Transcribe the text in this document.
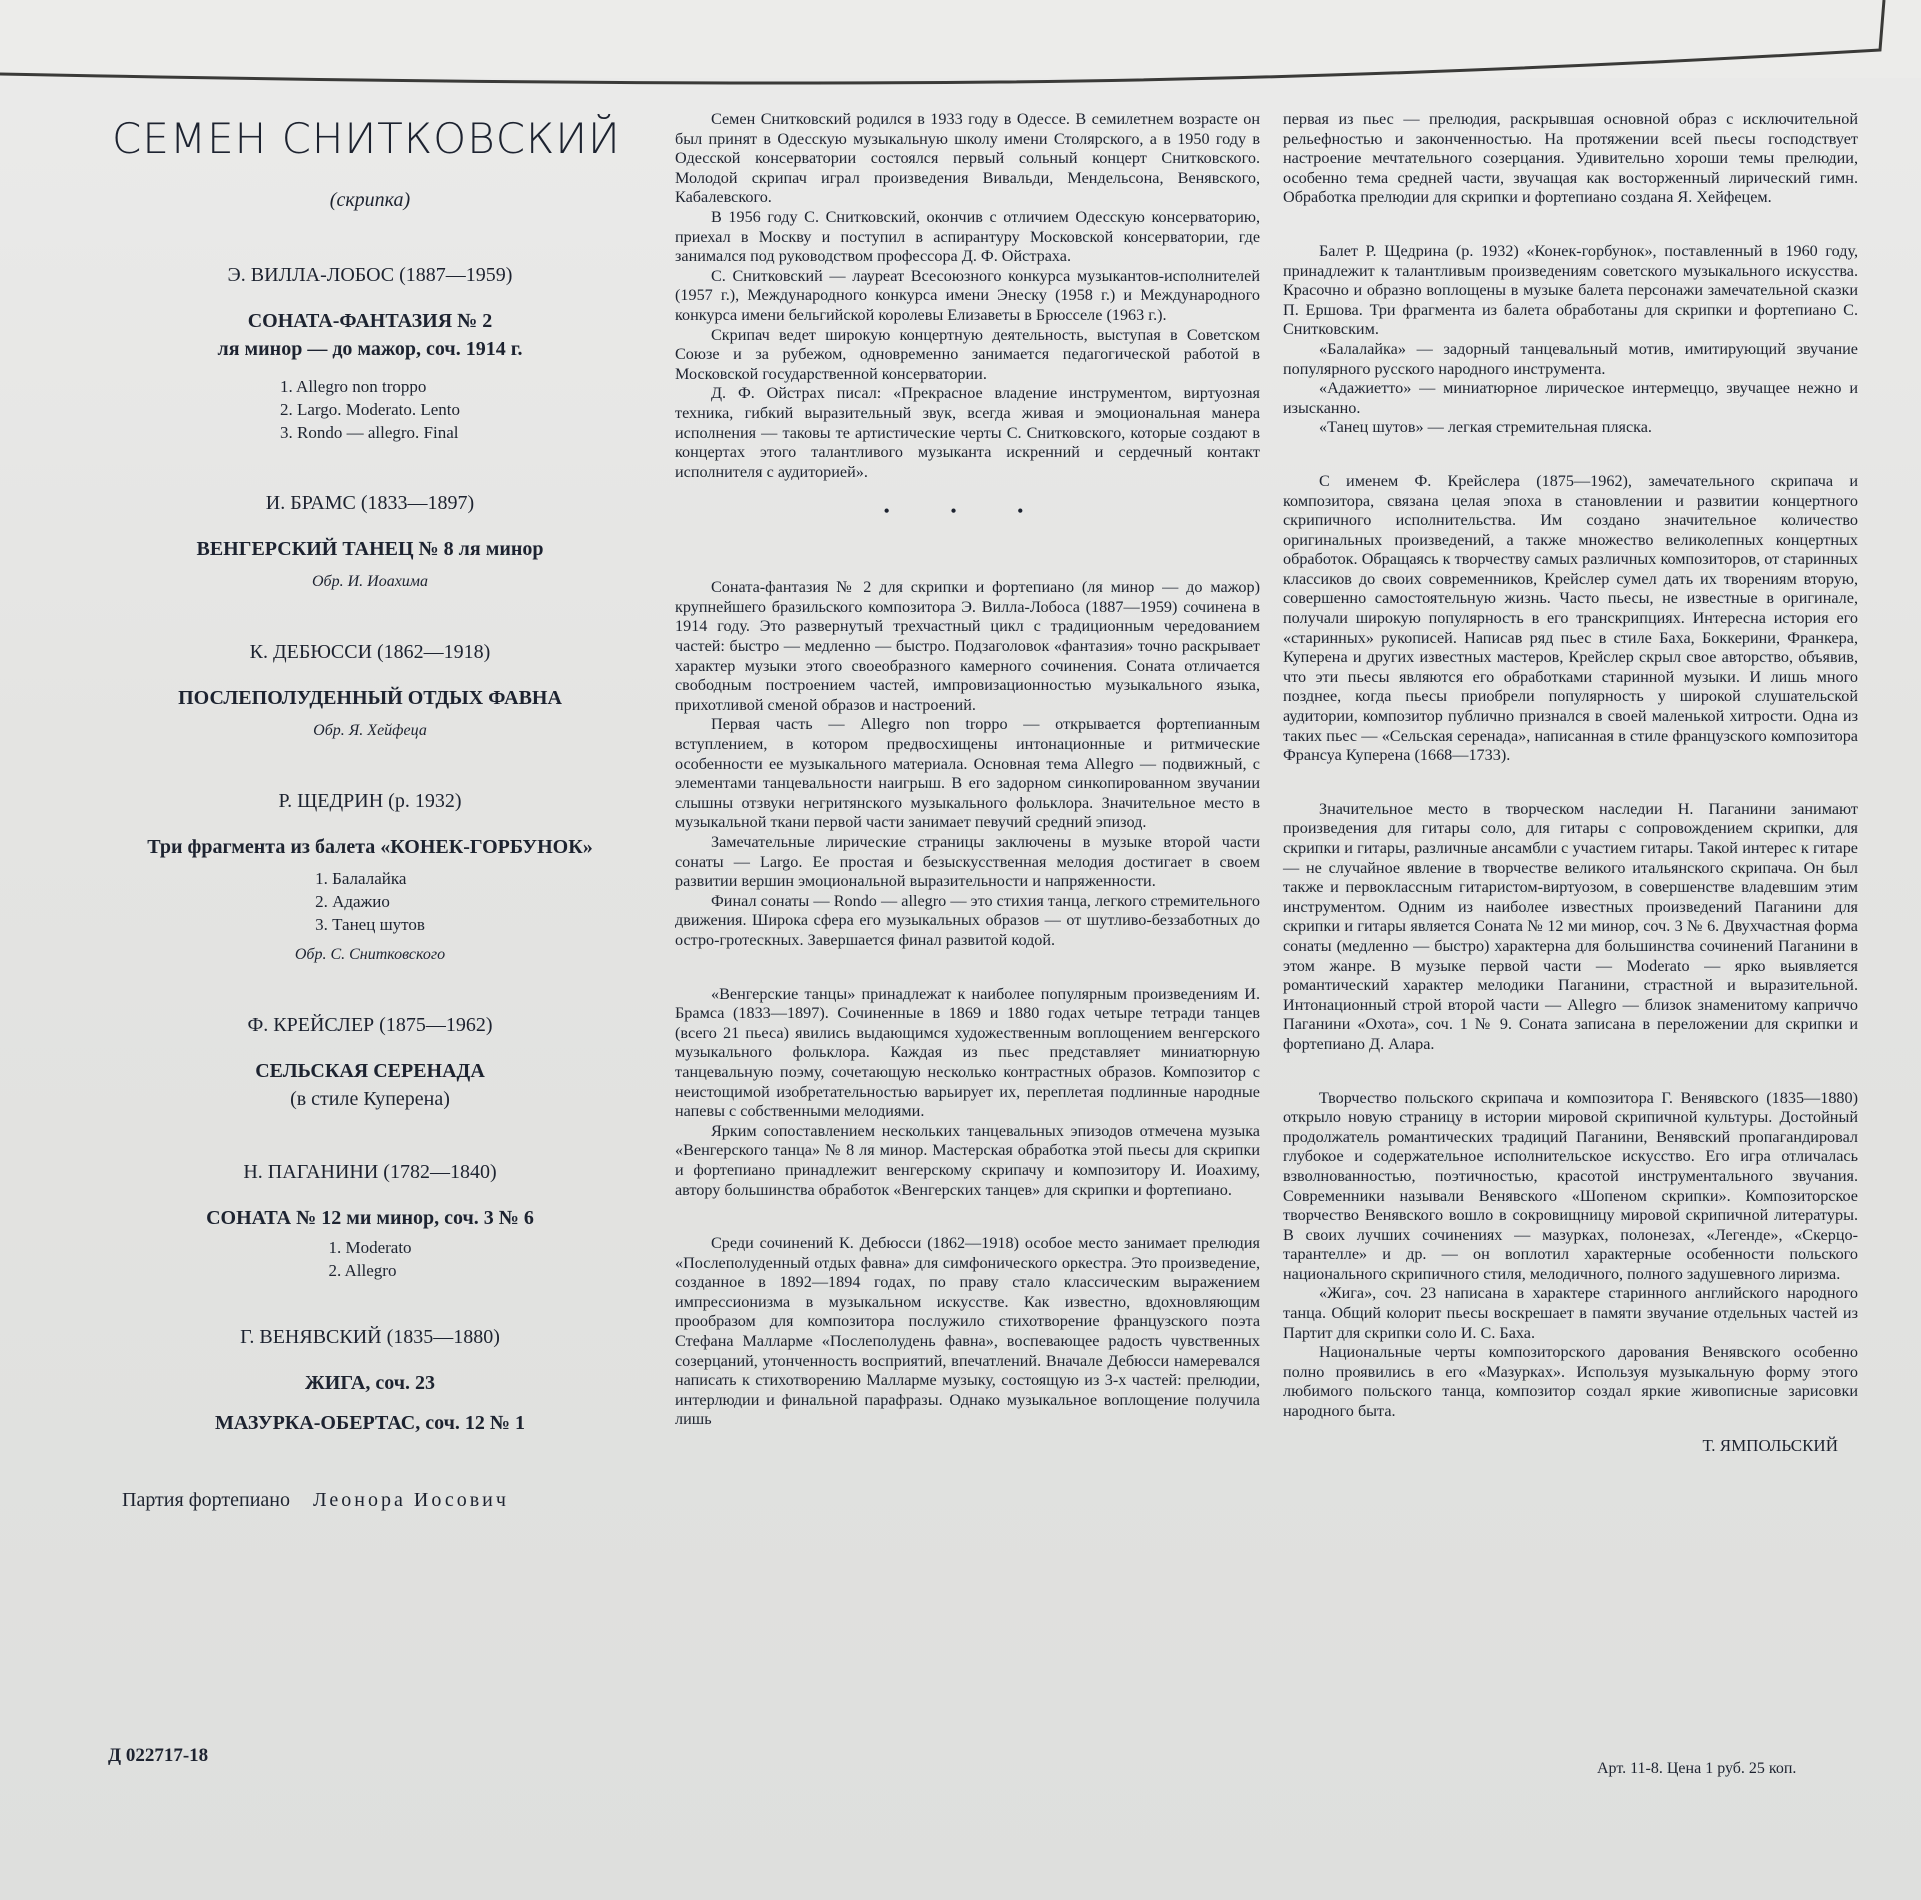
СЕМЕН СНИТКОВСКИЙ
(скрипка)
Э. ВИЛЛА-ЛОБОС (1887—1959)
СОНАТА-ФАНТАЗИЯ № 2
ля минор — до мажор, соч. 1914 г.
1. Allegro non troppo
2. Largo. Moderato. Lento
3. Rondo — allegro. Final
И. БРАМС (1833—1897)
ВЕНГЕРСКИЙ ТАНЕЦ № 8 ля минор
Обр. И. Иоахима
К. ДЕБЮССИ (1862—1918)
ПОСЛЕПОЛУДЕННЫЙ ОТДЫХ ФАВНА
Обр. Я. Хейфеца
Р. ЩЕДРИН (р. 1932)
Три фрагмента из балета «КОНЕК-ГОРБУНОК»
1. Балалайка
2. Адажио
3. Танец шутов
Обр. С. Снитковского
Ф. КРЕЙСЛЕР (1875—1962)
СЕЛЬСКАЯ СЕРЕНАДА
(в стиле Куперена)
Н. ПАГАНИНИ (1782—1840)
СОНАТА № 12 ми минор, соч. 3 № 6
1. Moderato
2. Allegro
Г. ВЕНЯВСКИЙ (1835—1880)
ЖИГА, соч. 23
МАЗУРКА-ОБЕРТАС, соч. 12 № 1
Партия фортепиано Леонора Иосович
Д 022717-18

Семен Снитковский родился в 1933 году в Одессе. В семилетнем возрасте он был принят в Одесскую музыкальную школу имени Столярского, а в 1950 году в Одесской консерватории состоялся первый сольный концерт Снитковского. Молодой скрипач играл произведения Вивальди, Мендельсона, Венявского, Кабалевского.

В 1956 году С. Снитковский, окончив с отличием Одесскую консерваторию, приехал в Москву и поступил в аспирантуру Московской консерватории, где занимался под руководством профессора Д. Ф. Ойстраха.

С. Снитковский — лауреат Всесоюзного конкурса музыкантов-исполнителей (1957 г.), Международного конкурса имени Энеску (1958 г.) и Международного конкурса имени бельгийской королевы Елизаветы в Брюсселе (1963 г.).

Скрипач ведет широкую концертную деятельность, выступая в Советском Союзе и за рубежом, одновременно занимается педагогической работой в Московской государственной консерватории.

Д. Ф. Ойстрах писал: «Прекрасное владение инструментом, виртуозная техника, гибкий выразительный звук, всегда живая и эмоциональная манера исполнения — таковы те артистические черты С. Снитковского, которые создают в концертах этого талантливого музыканта искренний и сердечный контакт исполнителя с аудиторией».

• • •

Соната-фантазия № 2 для скрипки и фортепиано (ля минор — до мажор) крупнейшего бразильского композитора Э. Вилла-Лобоса (1887—1959) сочинена в 1914 году. Это развернутый трехчастный цикл с традиционным чередованием частей: быстро — медленно — быстро. Подзаголовок «фантазия» точно раскрывает характер музыки этого своеобразного камерного сочинения. Соната отличается свободным построением частей, импровизационностью музыкального языка, прихотливой сменой образов и настроений.

Первая часть — Allegro non troppo — открывается фортепианным вступлением, в котором предвосхищены интонационные и ритмические особенности ее музыкального материала. Основная тема Allegro — подвижный, с элементами танцевальности наигрыш. В его задорном синкопированном звучании слышны отзвуки негритянского музыкального фольклора. Значительное место в музыкальной ткани первой части занимает певучий средний эпизод.

Замечательные лирические страницы заключены в музыке второй части сонаты — Largo. Ее простая и безыскусственная мелодия достигает в своем развитии вершин эмоциональной выразительности и напряженности.

Финал сонаты — Rondo — allegro — это стихия танца, легкого стремительного движения. Широка сфера его музыкальных образов — от шутливо-беззаботных до остро-гротескных. Завершается финал развитой кодой.

«Венгерские танцы» принадлежат к наиболее популярным произведениям И. Брамса (1833—1897). Сочиненные в 1869 и 1880 годах четыре тетради танцев (всего 21 пьеса) явились выдающимся художественным воплощением венгерского музыкального фольклора. Каждая из пьес представляет миниатюрную танцевальную поэму, сочетающую несколько контрастных образов. Композитор с неистощимой изобретательностью варьирует их, переплетая подлинные народные напевы с собственными мелодиями.

Ярким сопоставлением нескольких танцевальных эпизодов отмечена музыка «Венгерского танца» № 8 ля минор. Мастерская обработка этой пьесы для скрипки и фортепиано принадлежит венгерскому скрипачу и композитору И. Иоахиму, автору большинства обработок «Венгерских танцев» для скрипки и фортепиано.

Среди сочинений К. Дебюсси (1862—1918) особое место занимает прелюдия «Послеполуденный отдых фавна» для симфонического оркестра. Это произведение, созданное в 1892—1894 годах, по праву стало классическим выражением импрессионизма в музыкальном искусстве. Как известно, вдохновляющим прообразом для композитора послужило стихотворение французского поэта Стефана Малларме «Послеполудень фавна», воспевающее радость чувственных созерцаний, утонченность восприятий, впечатлений. Вначале Дебюсси намеревался написать к стихотворению Малларме музыку, состоящую из 3-х частей: прелюдии, интерлюдии и финальной парафразы. Однако музыкальное воплощение получила лишь

первая из пьес — прелюдия, раскрывшая основной образ с исключительной рельефностью и законченностью. На протяжении всей пьесы господствует настроение мечтательного созерцания. Удивительно хороши темы прелюдии, особенно тема средней части, звучащая как восторженный лирический гимн. Обработка прелюдии для скрипки и фортепиано создана Я. Хейфецем.

Балет Р. Щедрина (р. 1932) «Конек-горбунок», поставленный в 1960 году, принадлежит к талантливым произведениям советского музыкального искусства. Красочно и образно воплощены в музыке балета персонажи замечательной сказки П. Ершова. Три фрагмента из балета обработаны для скрипки и фортепиано С. Снитковским.

«Балалайка» — задорный танцевальный мотив, имитирующий звучание популярного русского народного инструмента.

«Адажиетто» — миниатюрное лирическое интермеццо, звучащее нежно и изысканно.

«Танец шутов» — легкая стремительная пляска.

С именем Ф. Крейслера (1875—1962), замечательного скрипача и композитора, связана целая эпоха в становлении и развитии концертного скрипичного исполнительства. Им создано значительное количество оригинальных произведений, а также множество великолепных концертных обработок. Обращаясь к творчеству самых различных композиторов, от старинных классиков до своих современников, Крейслер сумел дать их творениям вторую, совершенно самостоятельную жизнь. Часто пьесы, не известные в оригинале, получали широкую популярность в его транскрипциях. Интересна история его «старинных» рукописей. Написав ряд пьес в стиле Баха, Боккерини, Франкера, Куперена и других известных мастеров, Крейслер скрыл свое авторство, объявив, что эти пьесы являются его обработками старинной музыки. И лишь много позднее, когда пьесы приобрели популярность у широкой слушательской аудитории, композитор публично признался в своей маленькой хитрости. Одна из таких пьес — «Сельская серенада», написанная в стиле французского композитора Франсуа Куперена (1668—1733).

Значительное место в творческом наследии Н. Паганини занимают произведения для гитары соло, для гитары с сопровождением скрипки, для скрипки и гитары, различные ансамбли с участием гитары. Такой интерес к гитаре — не случайное явление в творчестве великого итальянского скрипача. Он был также и первоклассным гитаристом-виртуозом, в совершенстве владевшим этим инструментом. Одним из наиболее известных произведений Паганини для скрипки и гитары является Соната № 12 ми минор, соч. 3 № 6. Двухчастная форма сонаты (медленно — быстро) характерна для большинства сочинений Паганини в этом жанре. В музыке первой части — Moderato — ярко выявляется романтический характер мелодики Паганини, страстной и выразительной. Интонационный строй второй части — Allegro — близок знаменитому каприччо Паганини «Охота», соч. 1 № 9. Соната записана в переложении для скрипки и фортепиано Д. Алара.

Творчество польского скрипача и композитора Г. Венявского (1835—1880) открыло новую страницу в истории мировой скрипичной культуры. Достойный продолжатель романтических традиций Паганини, Венявский пропагандировал глубокое и содержательное исполнительское искусство. Его игра отличалась взволнованностью, поэтичностью, красотой инструментального звучания. Современники называли Венявского «Шопеном скрипки». Композиторское творчество Венявского вошло в сокровищницу мировой скрипичной литературы. В своих лучших сочинениях — мазурках, полонезах, «Легенде», «Скерцо-тарантелле» и др. — он воплотил характерные особенности польского национального скрипичного стиля, мелодичного, полного задушевного лиризма.

«Жига», соч. 23 написана в характере старинного английского народного танца. Общий колорит пьесы воскрешает в памяти звучание отдельных частей из Партит для скрипки соло И. С. Баха.

Национальные черты композиторского дарования Венявского особенно полно проявились в его «Мазурках». Используя музыкальную форму этого любимого польского танца, композитор создал яркие живописные зарисовки народного быта.

Т. ЯМПОЛЬСКИЙ
Арт. 11-8. Цена 1 руб. 25 коп.
